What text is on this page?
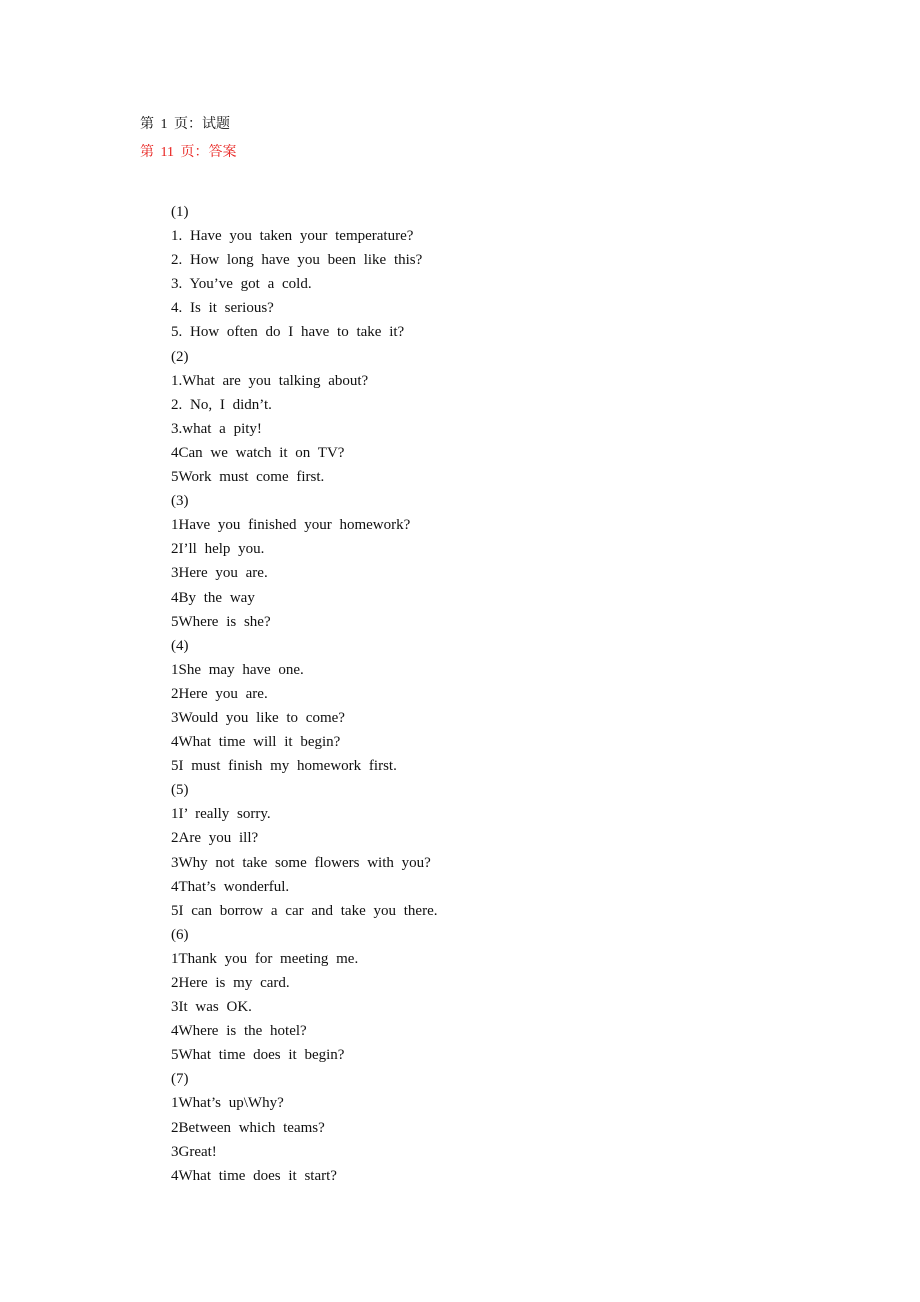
第 1 页：试题
第 11 页：答案
(1)
1. Have you taken your temperature?
2. How long have you been like this?
3. You’ve got a cold.
4. Is it serious?
5. How often do I have to take it?
(2)
1.What are you talking about?
2. No, I didn’t.
3.what a pity!
4Can we watch it on TV?
5Work must come first.
(3)
1Have you finished your homework?
2I’ll help you.
3Here you are.
4By the way
5Where is she?
(4)
1She may have one.
2Here you are.
3Would you like to come?
4What time will it begin?
5I must finish my homework first.
(5)
1I’ really sorry.
2Are you ill?
3Why not take some flowers with you?
4That’s wonderful.
5I can borrow a car and take you there.
(6)
1Thank you for meeting me.
2Here is my card.
3It was OK.
4Where is the hotel?
5What time does it begin?
(7)
1What’s up\Why?
2Between which teams?
3Great!
4What time does it start?
